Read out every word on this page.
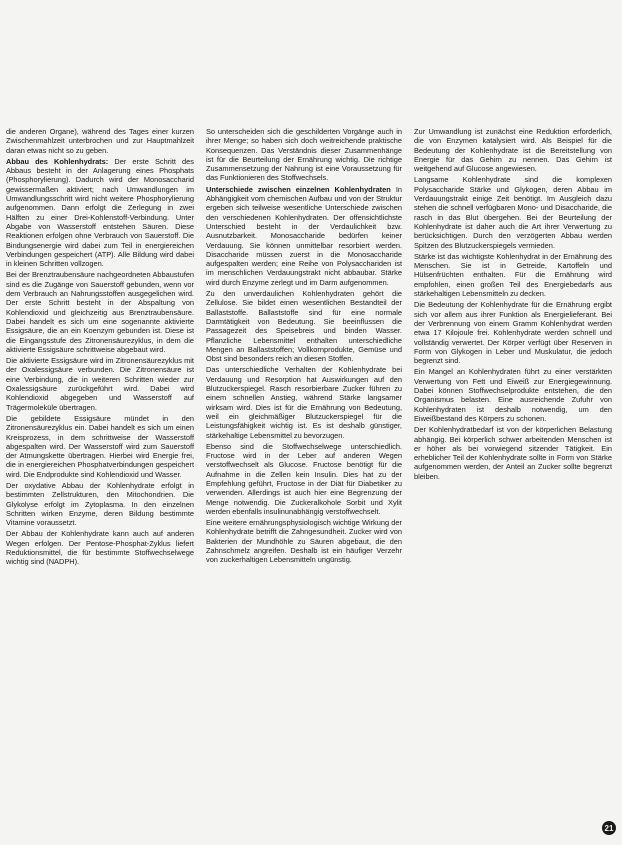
die anderen Organe), während des Tages einer kurzen Zwischenmahlzeit unterbrochen und zur Hauptmahlzeit daran etwas nicht so zu geben.

Abbau des Kohlenhydrats: Der erste Schritt des Abbaus besteht in der Anlagerung eines Phosphats (Phosphorylierung). Dadurch wird der Monosaccharid gewissermaßen aktiviert; nach Umwandlungen im Umwandlungsschritt wird nicht weitere Phosphorylierung aufgenommen. Dann erfolgt die Zerlegung in zwei Hälften zu einer Drei-Kohlenstoff-Verbindung. Unter Abgabe von Wasserstoff entstehen Säuren. Diese Reaktionen erfolgen ohne Verbrauch von Sauerstoff. Die Bindungsenergie wird dabei zum Teil in energiereichen Verbindungen gespeichert (ATP). Alle Bildung wird dabei in kleinen Schritten vollzogen.

Bei der Brenztraubensäure nachgeordneten Abbaustufen sind es die Zugänge von Sauerstoff gebunden, wenn vor dem Verbrauch an Nahrungsstoffen ausgegelichen wird. Der erste Schritt besteht in der Abspaltung von Kohlendioxid und gleichzeitig aus Brenztraubensäure. Dabei handelt es sich um eine sogenannte aktivierte Essigsäure, die an ein Koenzym gebunden ist. Diese ist die Eingangsstufe des Zitronensäurezyklus, in dem die aktivierte Essigsäure schrittweise abgebaut wird.

Die aktivierte Essigsäure wird im Zitronensäurezyklus mit der Oxalessigsäure verbunden. Die Zitronensäure ist eine Verbindung, die in weiteren Schritten wieder zur Oxalessigsäure zurückgeführt wird. Dabei wird Kohlendioxid abgegeben und Wasserstoff auf Trägermoleküle übertragen.

Die gebildete Essigsäure mündet in den Zitronensäurezyklus ein. Dabei handelt es sich um einen Kreisprozess, in dem schrittweise der Wasserstoff abgespalten wird. Der Wasserstoff wird zum Sauerstoff der Atmungskette übertragen. Hierbei wird Energie frei, die in energiereichen Phosphatverbindungen gespeichert wird. Die Endprodukte sind Kohlendioxid und Wasser.

Der oxydative Abbau der Kohlenhydrate erfolgt in bestimmten Zellstrukturen, den Mitochondrien. Die Glykolyse erfolgt im Zytoplasma. In den einzelnen Schritten wirken Enzyme, deren Bildung bestimmte Vitamine voraussetzt.

Der Abbau der Kohlenhydrate kann auch auf anderen Wegen erfolgen. Der Pentose-Phosphat-Zyklus liefert Reduktionsmittel, die für bestimmte Stoffwechselwege wichtig sind (NADPH).

So unterscheiden sich die geschilderten Vorgänge auch in ihrer Menge; so haben sich doch weitreichende praktische Konsequenzen. Das Verständnis dieser Zusammenhänge ist für die Beurteilung der Ernährung wichtig. Die richtige Zusammensetzung der Nahrung ist eine Voraussetzung für das Funktionieren des Stoffwechsels.

Unterschiede zwischen einzelnen Kohlenhydraten In Abhängigkeit vom chemischen Aufbau und von der Struktur ergeben sich teilweise wesentliche Unterschiede zwischen den verschiedenen Kohlenhydraten. Der offensichtlichste Unterschied besteht in der Verdaulichkeit bzw. Ausnutzbarkeit. Monosaccharide bedürfen keiner Verdauung. Sie können unmittelbar resorbiert werden. Disaccharide müssen zuerst in die Monosaccharide aufgespalten werden; eine Reihe von Polysacchariden ist im menschlichen Verdauungstrakt nicht abbaubar. Stärke wird durch Enzyme zerlegt und im Darm aufgenommen.

Zu den unverdaulichen Kohlenhydraten gehört die Zellulose. Sie bildet einen wesentlichen Bestandteil der Ballaststoffe. Ballaststoffe sind für eine normale Darmtätigkeit von Bedeutung. Sie beeinflussen die Passagezeit des Speisebreis und binden Wasser. Pflanzliche Lebensmittel enthalten unterschiedliche Mengen an Ballaststoffen; Vollkornprodukte, Gemüse und Obst sind besonders reich an diesen Stoffen.

Das unterschiedliche Verhalten der Kohlenhydrate bei Verdauung und Resorption hat Auswirkungen auf den Blutzuckerspiegel. Rasch resorbierbare Zucker führen zu einem schnellen Anstieg, während Stärke langsamer wirksam wird. Dies ist für die Ernährung von Bedeutung, weil ein gleichmäßiger Blutzuckerspiegel für die Leistungsfähigkeit wichtig ist. Es ist deshalb günstiger, stärkehaltige Lebensmittel zu bevorzugen.

Ebenso sind die Stoffwechselwege unterschiedlich. Fructose wird in der Leber auf anderen Wegen verstoffwechselt als Glucose. Fructose benötigt für die Aufnahme in die Zellen kein Insulin. Dies hat zu der Empfehlung geführt, Fructose in der Diät für Diabetiker zu verwenden. Allerdings ist auch hier eine Begrenzung der Menge notwendig. Die Zuckeralkohole Sorbit und Xylit werden ebenfalls insulinunabhängig verstoffwechselt.

Eine weitere ernährungsphysiologisch wichtige Wirkung der Kohlenhydrate betrifft die Zahngesundheit. Zucker wird von Bakterien der Mundhöhle zu Säuren abgebaut, die den Zahnschmelz angreifen. Deshalb ist ein häufiger Verzehr von zuckerhaltigen Lebensmitteln ungünstig.

Zur Umwandlung ist zunächst eine Reduktion erforderlich, die von Enzymen katalysiert wird. Als Beispiel für die Bedeutung der Kohlenhydrate ist die Bereitstellung von Energie für das Gehirn zu nennen. Das Gehirn ist weitgehend auf Glucose angewiesen.

Langsame Kohlenhydrate sind die komplexen Polysaccharide Stärke und Glykogen, deren Abbau im Verdauungstrakt einige Zeit benötigt. Im Ausgleich dazu stehen die schnell verfügbaren Mono- und Disaccharide, die rasch in das Blut übergehen. Bei der Beurteilung der Kohlenhydrate ist daher auch die Art ihrer Verwertung zu berücksichtigen. Durch den verzögerten Abbau werden Spitzen des Blutzuckerspiegels vermieden.

Stärke ist das wichtigste Kohlenhydrat in der Ernährung des Menschen. Sie ist in Getreide, Kartoffeln und Hülsenfrüchten enthalten. Für die Ernährung wird empfohlen, einen großen Teil des Energiebedarfs aus stärkehaltigen Lebensmitteln zu decken.

Die Bedeutung der Kohlenhydrate für die Ernährung ergibt sich vor allem aus ihrer Funktion als Energielieferant. Bei der Verbrennung von einem Gramm Kohlenhydrat werden etwa 17 Kilojoule frei. Kohlenhydrate werden schnell und vollständig verwertet. Der Körper verfügt über Reserven in Form von Glykogen in Leber und Muskulatur, die jedoch begrenzt sind.

Ein Mangel an Kohlenhydraten führt zu einer verstärkten Verwertung von Fett und Eiweiß zur Energiegewinnung. Dabei können Stoffwechselprodukte entstehen, die den Organismus belasten. Eine ausreichende Zufuhr von Kohlenhydraten ist deshalb notwendig, um den Eiweißbestand des Körpers zu schonen.

Der Kohlenhydratbedarf ist von der körperlichen Belastung abhängig. Bei körperlich schwer arbeitenden Menschen ist er höher als bei vorwiegend sitzender Tätigkeit. Ein erheblicher Teil der Kohlenhydrate sollte in Form von Stärke aufgenommen werden, der Anteil an Zucker sollte begrenzt bleiben.

21
